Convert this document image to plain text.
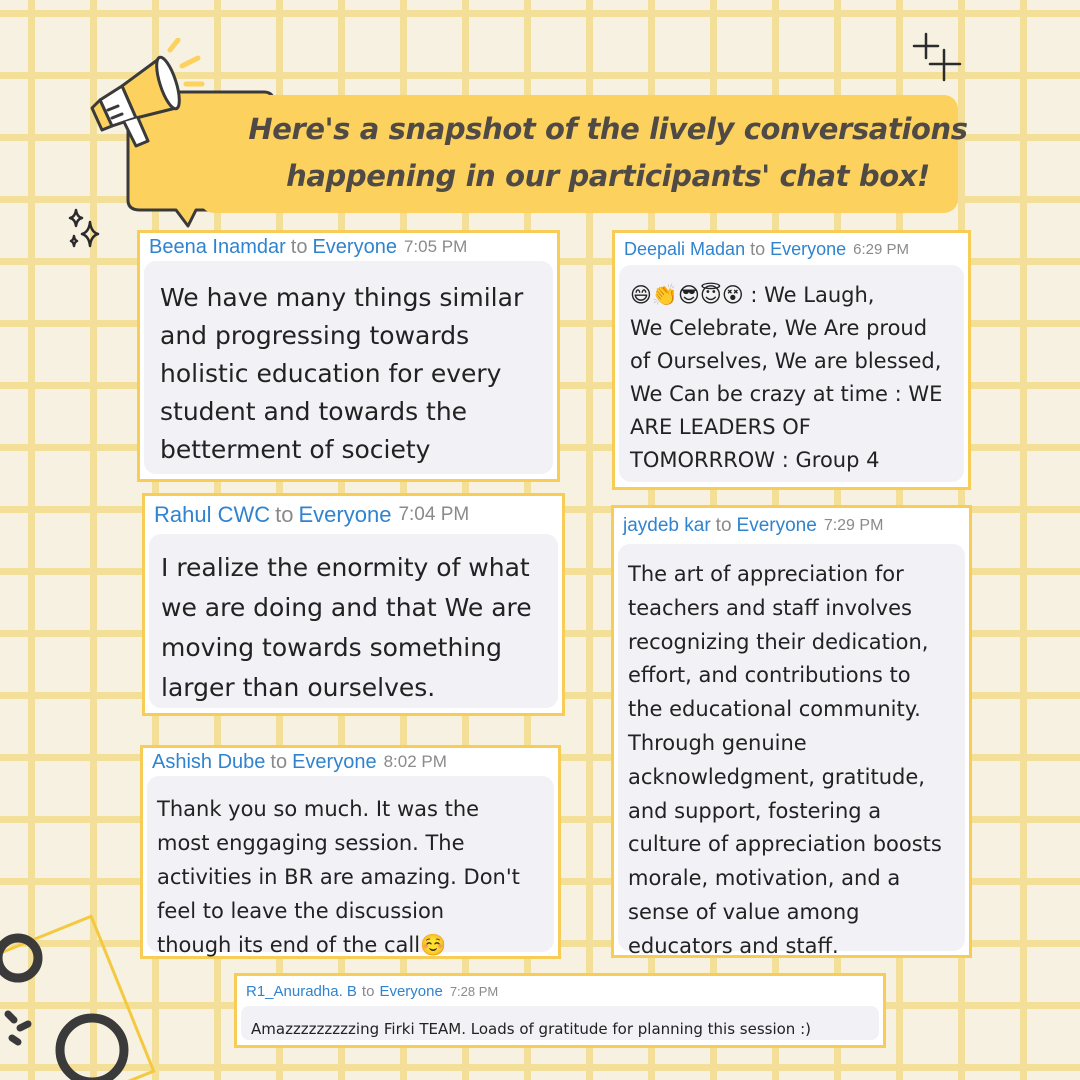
Here's a snapshot of the lively conversations
happening in our participants' chat box!
Beena Inamdar to Everyone 7:05 PM
We have many things similar
and progressing towards
holistic education for every
student and towards the
betterment of society
Rahul CWC to Everyone 7:04 PM
I realize the enormity of what
we are doing and that We are
moving towards something
larger than ourselves.
Ashish Dube to Everyone 8:02 PM
Thank you so much. It was the
most enggaging session. The
activities in BR are amazing. Don't
feel to leave the discussion
though its end of the call☺️
Deepali Madan to Everyone 6:29 PM
😄👏😎😇😵 : We Laugh,
We Celebrate, We Are proud
of Ourselves, We are blessed,
We Can be crazy at time : WE
ARE LEADERS OF
TOMORRROW : Group 4
jaydeb kar to Everyone 7:29 PM
The art of appreciation for
teachers and staff involves
recognizing their dedication,
effort, and contributions to
the educational community.
Through genuine
acknowledgment, gratitude,
and support, fostering a
culture of appreciation boosts
morale, motivation, and a
sense of value among
educators and staff.
R1_Anuradha. B to Everyone 7:28 PM
Amazzzzzzzzzing Firki TEAM. Loads of gratitude for planning this session :)
